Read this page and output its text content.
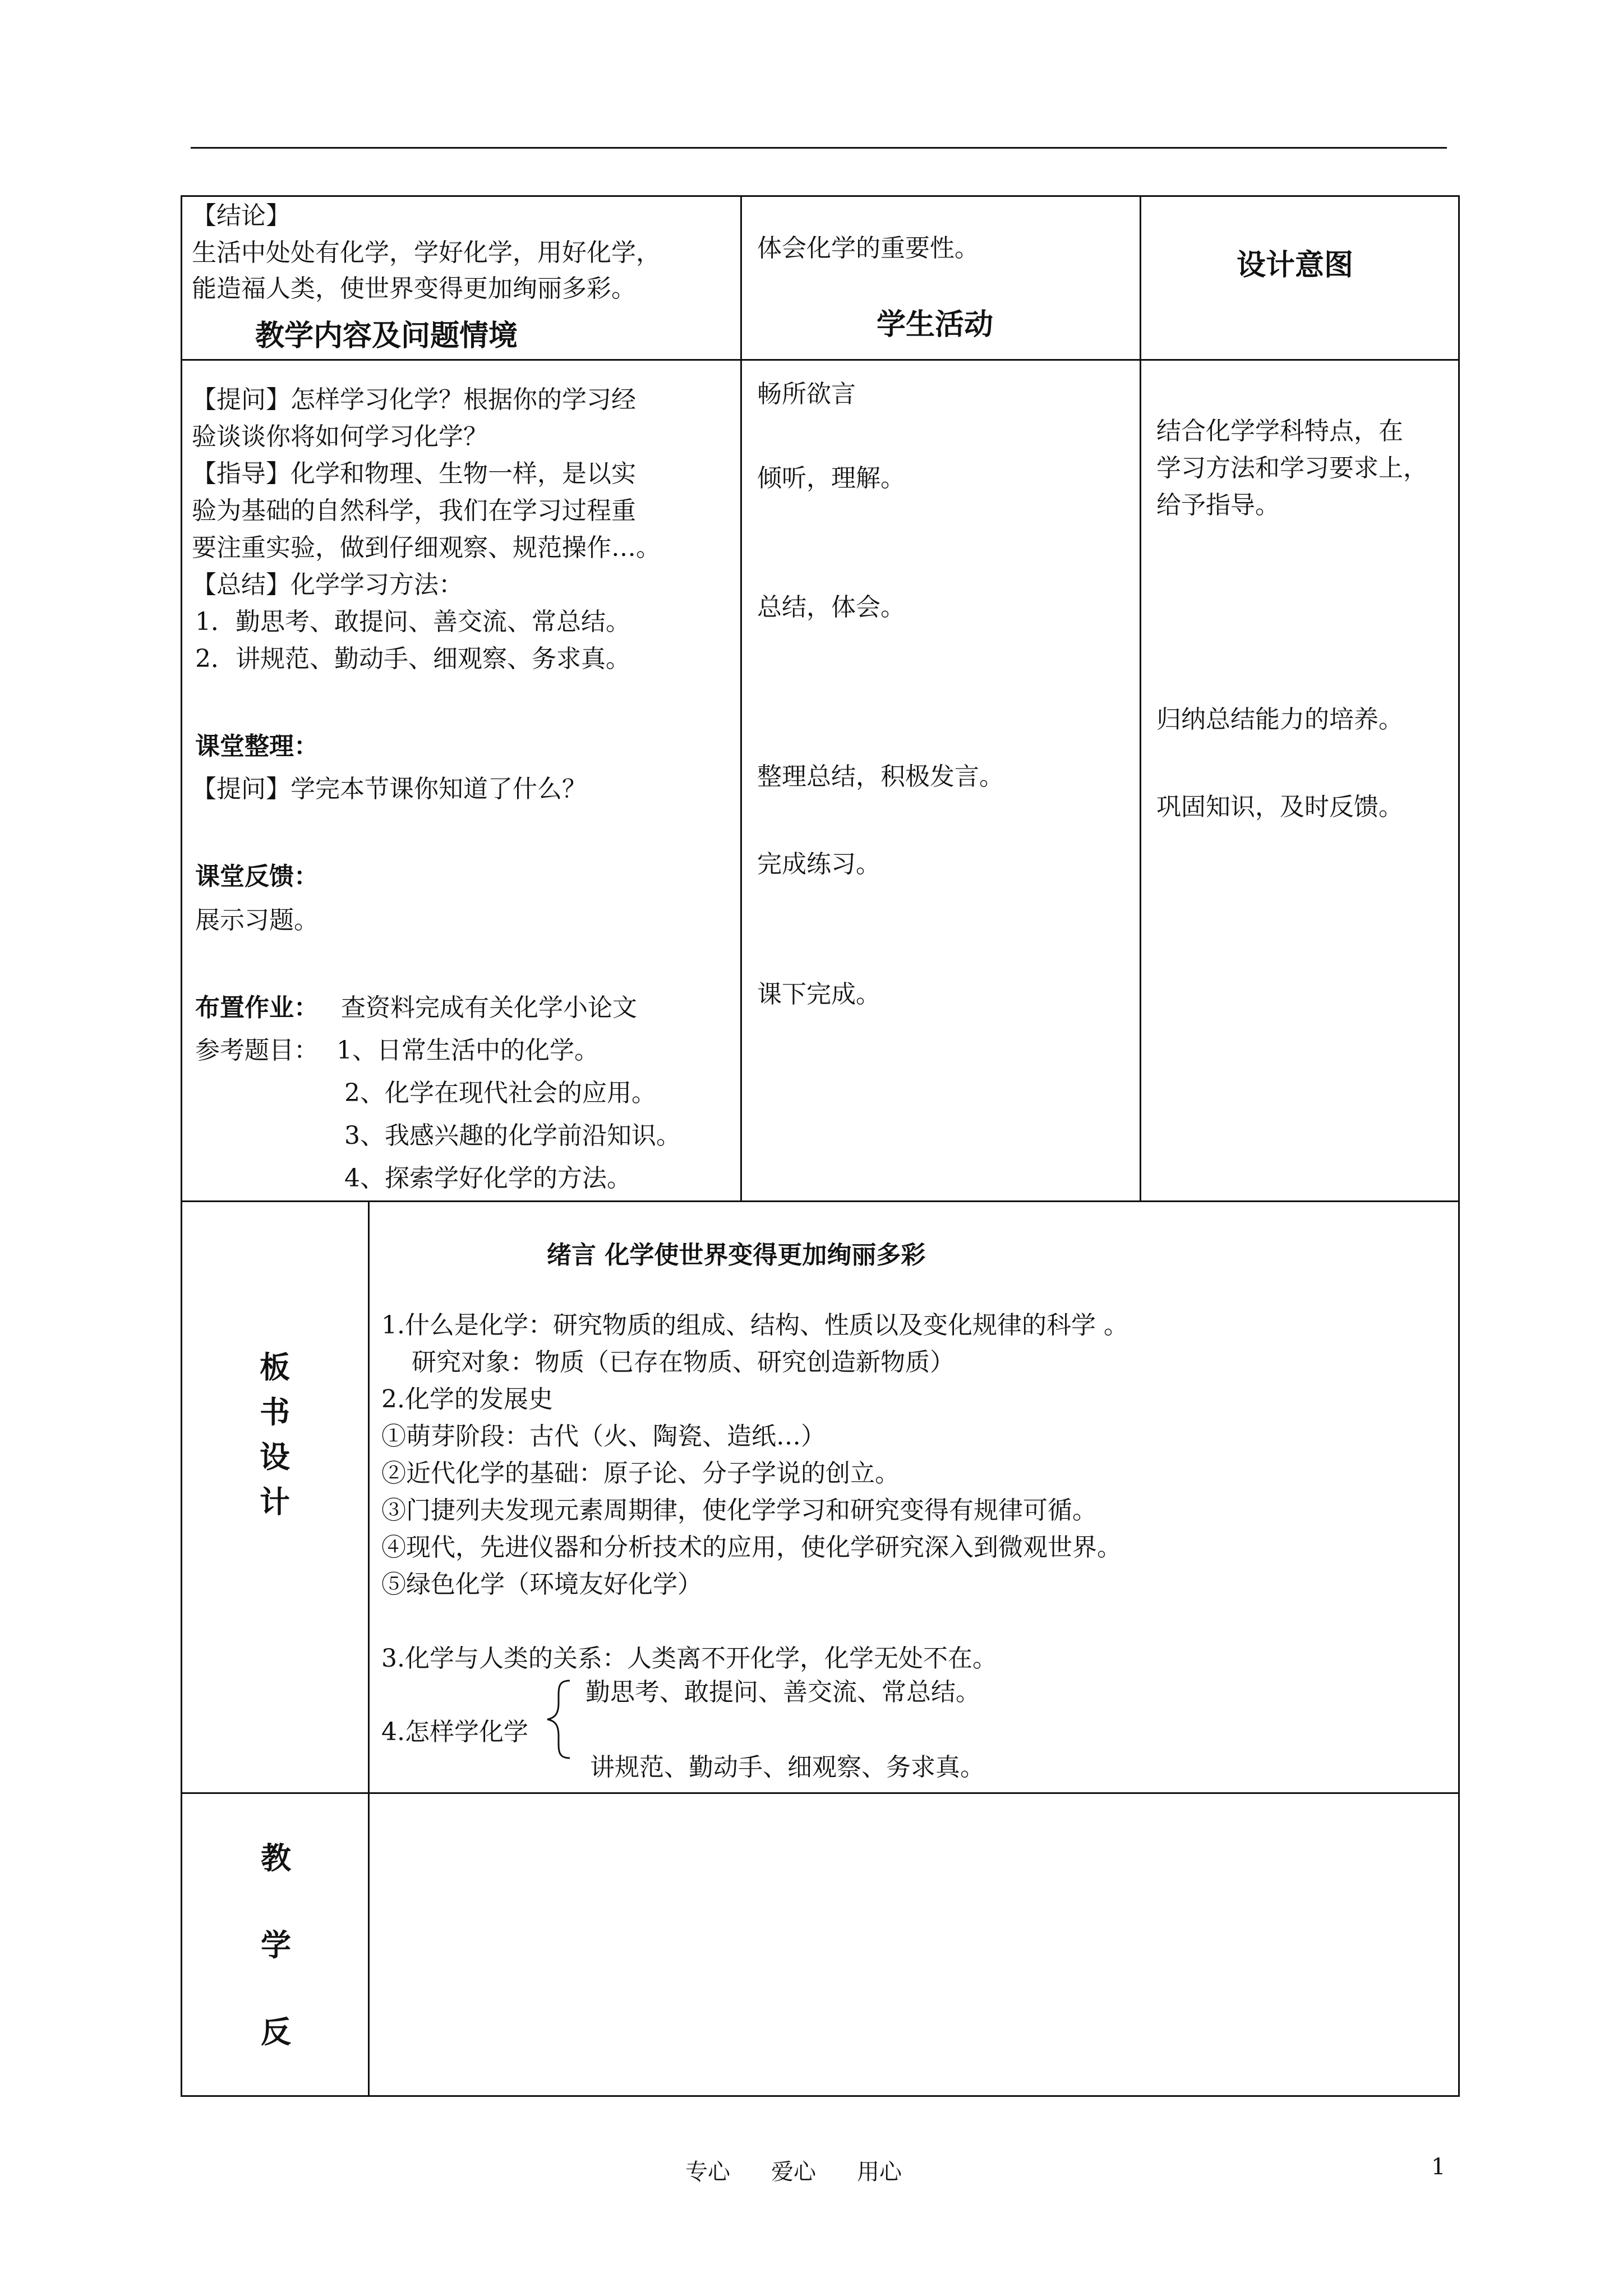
【结论】
生活中处处有化学，学好化学，用好化学，
能造福人类，使世界变得更加绚丽多彩。
教学内容及问题情境
体会化学的重要性。
学生活动
设计意图
【提问】怎样学习化学？根据你的学习经
验谈谈你将如何学习化学？
【指导】化学和物理、生物一样，是以实
验为基础的自然科学，我们在学习过程重
要注重实验，做到仔细观察、规范操作…。
【总结】化学学习方法：
1．勤思考、敢提问、善交流、常总结。
2．讲规范、勤动手、细观察、务求真。
课堂整理：
【提问】学完本节课你知道了什么？
课堂反馈：
展示习题。
布置作业： 查资料完成有关化学小论文
参考题目： 1、日常生活中的化学。
2、化学在现代社会的应用。
3、我感兴趣的化学前沿知识。
4、探索学好化学的方法。
畅所欲言
倾听，理解。
总结，体会。
整理总结，积极发言。
完成练习。
课下完成。
结合化学学科特点，在
学习方法和学习要求上，
给予指导。
归纳总结能力的培养。
巩固知识，及时反馈。
板
书
设
计
绪言 化学使世界变得更加绚丽多彩
1.什么是化学：研究物质的组成、结构、性质以及变化规律的科学 。
研究对象：物质（已存在物质、研究创造新物质）
2.化学的发展史
①萌芽阶段：古代（火、陶瓷、造纸…）
②近代化学的基础：原子论、分子学说的创立。
③门捷列夫发现元素周期律，使化学学习和研究变得有规律可循。
④现代，先进仪器和分析技术的应用，使化学研究深入到微观世界。
⑤绿色化学（环境友好化学）
3.化学与人类的关系：人类离不开化学，化学无处不在。
4.怎样学化学
勤思考、敢提问、善交流、常总结。
讲规范、勤动手、细观察、务求真。
教
学
反
专心 爱心 用心	1
